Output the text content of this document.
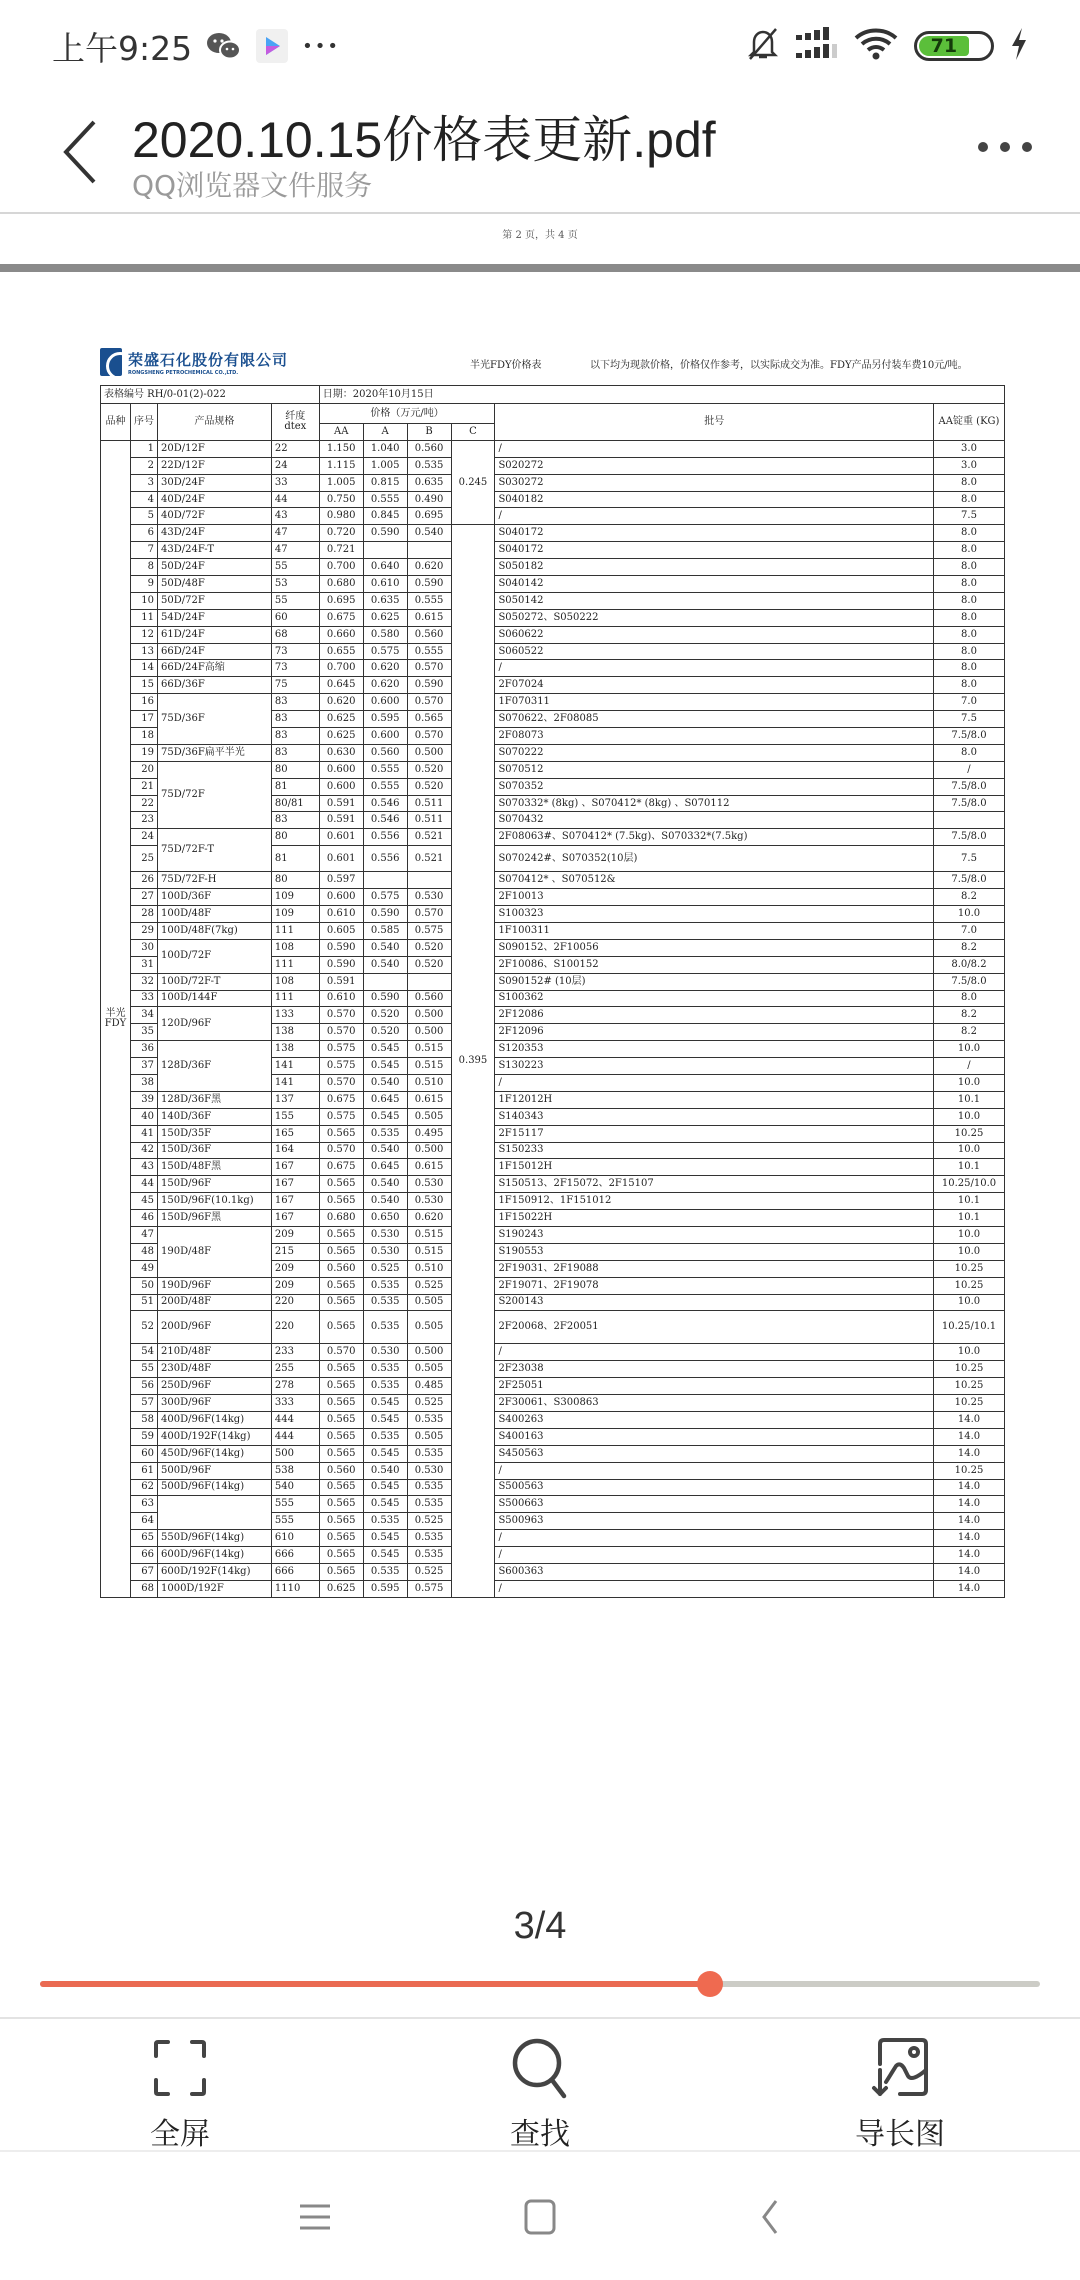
上午9:25	•••	71
2020.10.15价格表更新.pdf
QQ浏览器文件服务
第 2 页，共 4 页
荣盛石化股份有限公司
RONGSHENG PETROCHEMICAL CO.,LTD.
半光FDY价格表	以下均为现款价格，价格仅作参考，以实际成交为准。FDY产品另付装车费10元/吨。
表格编号 RH/0-01(2)-022				日期：2020年10月15日					
品种	序号	产品规格	纤度 dtex	价格（万元/吨）				批号	AA锭重 (KG)
				AA	A	B	C		
半光 FDY	1	20D/12F	22	1.150	1.040	0.560	0.245	/	3.0
	2	22D/12F	24	1.115	1.005	0.535		S020272	3.0
	3	30D/24F	33	1.005	0.815	0.635		S030272	8.0
	4	40D/24F	44	0.750	0.555	0.490		S040182	8.0
	5	40D/72F	43	0.980	0.845	0.695		/	7.5
	6	43D/24F	47	0.720	0.590	0.540	0.395	S040172	8.0
	7	43D/24F-T	47	0.721				S040172	8.0
	8	50D/24F	55	0.700	0.640	0.620		S050182	8.0
	9	50D/48F	53	0.680	0.610	0.590		S040142	8.0
	10	50D/72F	55	0.695	0.635	0.555		S050142	8.0
	11	54D/24F	60	0.675	0.625	0.615		S050272、S050222	8.0
	12	61D/24F	68	0.660	0.580	0.560		S060622	8.0
	13	66D/24F	73	0.655	0.575	0.555		S060522	8.0
	14	66D/24F高缩	73	0.700	0.620	0.570		/	8.0
	15	66D/36F	75	0.645	0.620	0.590		2F07024	8.0
	16	75D/36F	83	0.620	0.600	0.570		1F070311	7.0
	17		83	0.625	0.595	0.565		S070622、2F08085	7.5
	18		83	0.625	0.600	0.570		2F08073	7.5/8.0
	19	75D/36F扁平半光	83	0.630	0.560	0.500		S070222	8.0
	20	75D/72F	80	0.600	0.555	0.520		S070512	/
	21		81	0.600	0.555	0.520		S070352	7.5/8.0
	22		80/81	0.591	0.546	0.511		S070332* (8kg) 、S070412* (8kg) 、S070112	7.5/8.0
	23		83	0.591	0.546	0.511		S070432	
	24	75D/72F-T	80	0.601	0.556	0.521		2F08063#、S070412* (7.5kg)、S070332*(7.5kg)	7.5/8.0
	25		81	0.601	0.556	0.521		S070242#、S070352(10层)	7.5
	26	75D/72F-H	80	0.597				S070412* 、S070512&	7.5/8.0
	27	100D/36F	109	0.600	0.575	0.530		2F10013	8.2
	28	100D/48F	109	0.610	0.590	0.570		S100323	10.0
	29	100D/48F(7kg)	111	0.605	0.585	0.575		1F100311	7.0
	30	100D/72F	108	0.590	0.540	0.520		S090152、2F10056	8.2
	31		111	0.590	0.540	0.520		2F10086、S100152	8.0/8.2
	32	100D/72F-T	108	0.591				S090152# (10层)	7.5/8.0
	33	100D/144F	111	0.610	0.590	0.560		S100362	8.0
	34	120D/96F	133	0.570	0.520	0.500		2F12086	8.2
	35		138	0.570	0.520	0.500		2F12096	8.2
	36	128D/36F	138	0.575	0.545	0.515		S120353	10.0
	37		141	0.575	0.545	0.515		S130223	/
	38		141	0.570	0.540	0.510		/	10.0
	39	128D/36F黑	137	0.675	0.645	0.615		1F12012H	10.1
	40	140D/36F	155	0.575	0.545	0.505		S140343	10.0
	41	150D/35F	165	0.565	0.535	0.495		2F15117	10.25
	42	150D/36F	164	0.570	0.540	0.500		S150233	10.0
	43	150D/48F黑	167	0.675	0.645	0.615		1F15012H	10.1
	44	150D/96F	167	0.565	0.540	0.530		S150513、2F15072、2F15107	10.25/10.0
	45	150D/96F(10.1kg)	167	0.565	0.540	0.530		1F150912、1F151012	10.1
	46	150D/96F黑	167	0.680	0.650	0.620		1F15022H	10.1
	47	190D/48F	209	0.565	0.530	0.515		S190243	10.0
	48		215	0.565	0.530	0.515		S190553	10.0
	49		209	0.560	0.525	0.510		2F19031、2F19088	10.25
	50	190D/96F	209	0.565	0.535	0.525		2F19071、2F19078	10.25
	51	200D/48F	220	0.565	0.535	0.505		S200143	10.0
	52	200D/96F	220	0.565	0.535	0.505		2F20068、2F20051	10.25/10.1
	54	210D/48F	233	0.570	0.530	0.500		/	10.0
	55	230D/48F	255	0.565	0.535	0.505		2F23038	10.25
	56	250D/96F	278	0.565	0.535	0.485		2F25051	10.25
	57	300D/96F	333	0.565	0.545	0.525		2F30061、S300863	10.25
	58	400D/96F(14kg)	444	0.565	0.545	0.535		S400263	14.0
	59	400D/192F(14kg)	444	0.565	0.535	0.505		S400163	14.0
	60	450D/96F(14kg)	500	0.565	0.545	0.535		S450563	14.0
	61	500D/96F	538	0.560	0.540	0.530		/	10.25
	62	500D/96F(14kg)	540	0.565	0.545	0.535		S500563	14.0
	63		555	0.565	0.545	0.535		S500663	14.0
	64		555	0.565	0.535	0.525		S500963	14.0
	65	550D/96F(14kg)	610	0.565	0.545	0.535		/	14.0
	66	600D/96F(14kg)	666	0.565	0.545	0.535		/	14.0
	67	600D/192F(14kg)	666	0.565	0.535	0.525		S600363	14.0
	68	1000D/192F	1110	0.625	0.595	0.575		/	14.0
3/4
全屏	查找	导长图
